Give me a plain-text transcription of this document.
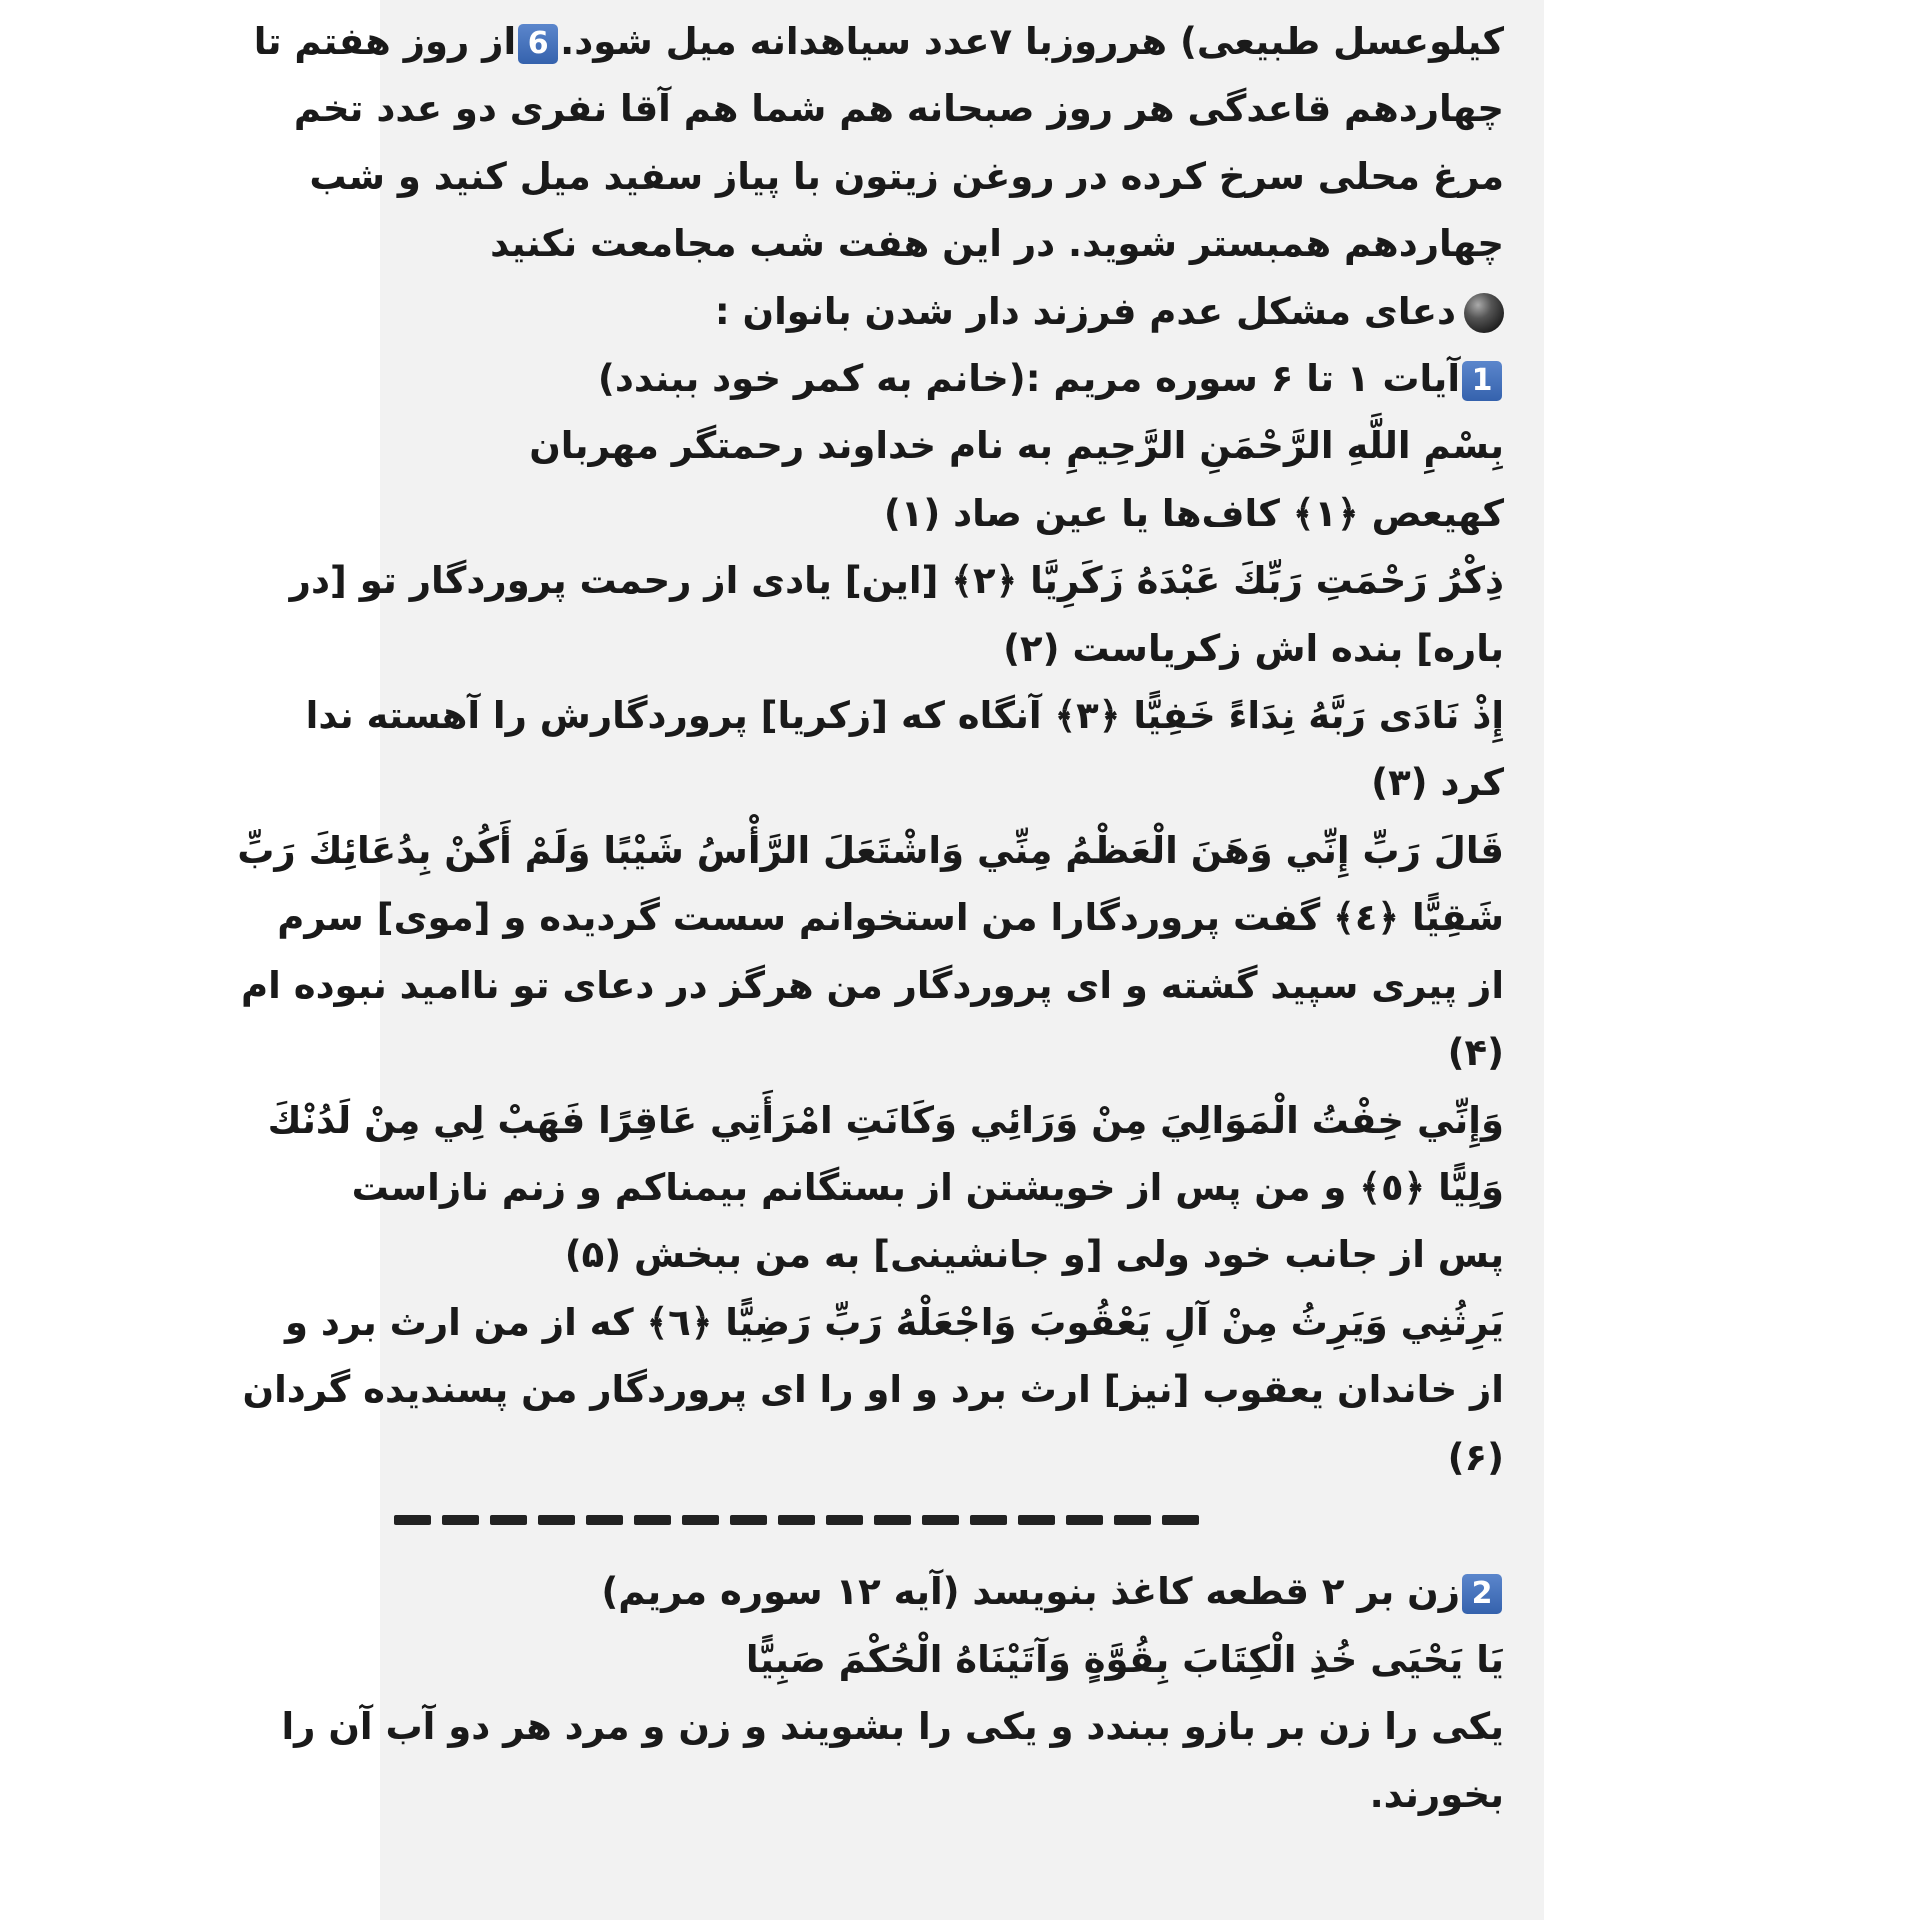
کیلوعسل طبیعی) هرروزبا ۷عدد سیاهدانه میل شود.6از روز هفتم تا
چهاردهم قاعدگی هر روز صبحانه هم شما هم آقا نفری دو عدد تخم
مرغ محلی سرخ کرده در روغن زیتون با پیاز سفید میل کنید و شب
چهاردهم همبستر شوید. در این هفت شب مجامعت نکنید
دعای مشکل عدم فرزند دار شدن بانوان :
1آیات ۱ تا ۶ سوره مریم :(خانم به کمر خود ببندد)
بِسْمِ اللَّهِ الرَّحْمَنِ الرَّحِيمِ به نام خداوند رحمتگر مهربان
كهيعص ﴿١﴾ كاف‌ها يا عين صاد (۱)
ذِكْرُ رَحْمَتِ رَبِّكَ عَبْدَهُ زَكَرِيَّا ﴿٢﴾ [این] یادی از رحمت پروردگار تو [در
باره] بنده اش زکریاست (۲)
إِذْ نَادَى رَبَّهُ نِدَاءً خَفِيًّا ﴿٣﴾ آنگاه که [زکریا] پروردگارش را آهسته ندا
کرد (۳)
قَالَ رَبِّ إِنِّي وَهَنَ الْعَظْمُ مِنِّي وَاشْتَعَلَ الرَّأْسُ شَيْبًا وَلَمْ أَكُنْ بِدُعَائِكَ رَبِّ
شَقِيًّا ﴿٤﴾ گفت پروردگارا من استخوانم سست گردیده و [موی] سرم
از پیری سپید گشته و ای پروردگار من هرگز در دعای تو ناامید نبوده ام
(۴)
وَإِنِّي خِفْتُ الْمَوَالِيَ مِنْ وَرَائِي وَكَانَتِ امْرَأَتِي عَاقِرًا فَهَبْ لِي مِنْ لَدُنْكَ
وَلِيًّا ﴿٥﴾ و من پس از خویشتن از بستگانم بیمناکم و زنم نازاست
پس از جانب خود ولی [و جانشینی] به من ببخش (۵)
يَرِثُنِي وَيَرِثُ مِنْ آلِ يَعْقُوبَ وَاجْعَلْهُ رَبِّ رَضِيًّا ﴿٦﴾ که از من ارث برد و
از خاندان یعقوب [نیز] ارث برد و او را ای پروردگار من پسندیده گردان
(۶)
2زن بر ۲ قطعه کاغذ بنویسد (آیه ۱۲ سوره مریم)
يَا يَحْيَى خُذِ الْكِتَابَ بِقُوَّةٍ وَآتَيْنَاهُ الْحُكْمَ صَبِيًّا
یکی را زن بر بازو ببندد و یکی را بشویند و زن و مرد هر دو آب آن را
بخورند.
